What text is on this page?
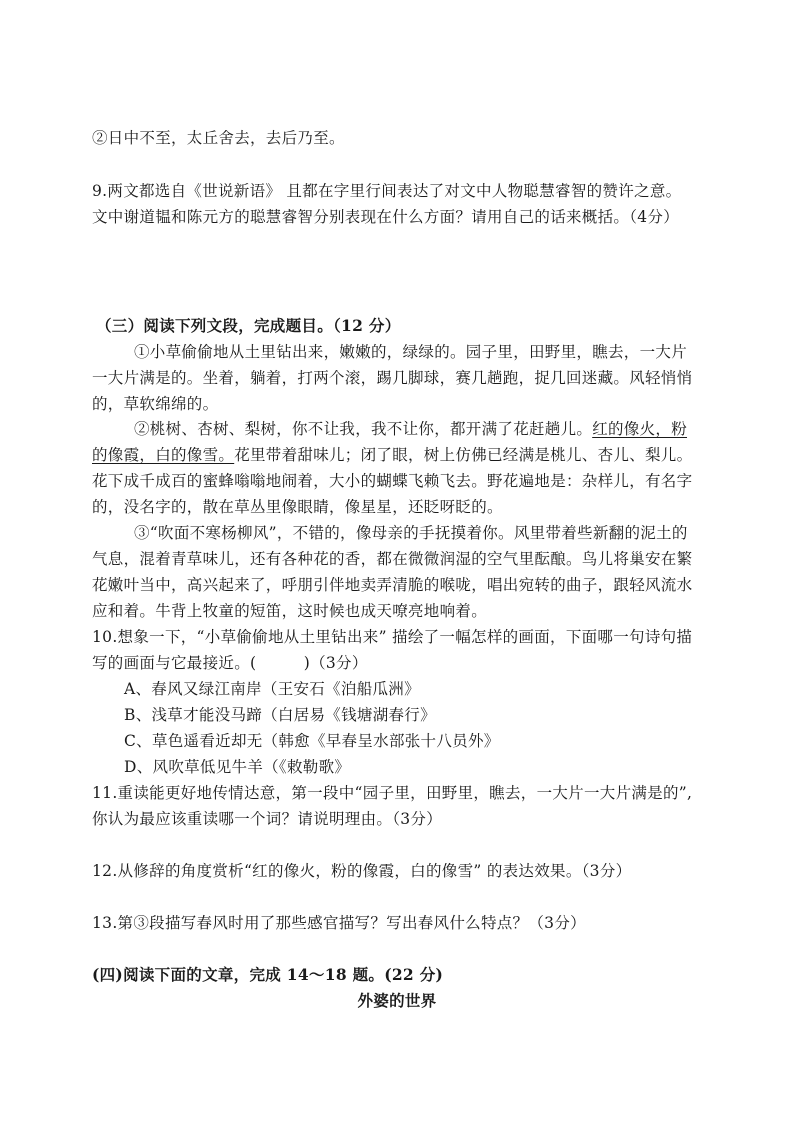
②日中不至，太丘舍去，去后乃至。
9.两文都选自《世说新语》 且都在字里行间表达了对文中人物聪慧睿智的赞许之意。
文中谢道韫和陈元方的聪慧睿智分别表现在什么方面？请用自己的话来概括。（4分）
（三）阅读下列文段，完成题目。（12 分）
①小草偷偷地从土里钻出来，嫩嫩的，绿绿的。园子里，田野里，瞧去，一大片
一大片满是的。坐着，躺着，打两个滚，踢几脚球，赛几趟跑，捉几回迷藏。风轻悄悄
的，草软绵绵的。
②桃树、杏树、梨树，你不让我，我不让你，都开满了花赶趟儿。红的像火，粉
的像霞，白的像雪。花里带着甜味儿；闭了眼，树上仿佛已经满是桃儿、杏儿、梨儿。
花下成千成百的蜜蜂嗡嗡地闹着，大小的蝴蝶飞赖飞去。野花遍地是：杂样儿，有名字
的，没名字的，散在草丛里像眼睛，像星星，还眨呀眨的。
③“吹面不寒杨柳风”，不错的，像母亲的手抚摸着你。风里带着些新翻的泥土的
气息，混着青草味儿，还有各种花的香，都在微微润湿的空气里酝酿。鸟儿将巢安在繁
花嫩叶当中，高兴起来了，呼朋引伴地卖弄清脆的喉咙，唱出宛转的曲子，跟轻风流水
应和着。牛背上牧童的短笛，这时候也成天嘹亮地响着。
10.想象一下，“小草偷偷地从土里钻出来” 描绘了一幅怎样的画面，下面哪一句诗句描
写的画面与它最接近。(　　　)（3分）
A、春风又绿江南岸（王安石《泊船瓜洲》
B、浅草才能没马蹄（白居易《钱塘湖春行》
C、草色遥看近却无（韩愈《早春呈水部张十八员外》
D、风吹草低见牛羊（《敕勒歌》
11.重读能更好地传情达意，第一段中“园子里，田野里，瞧去，一大片一大片满是的”,
你认为最应该重读哪一个词？请说明理由。（3分）
12.从修辞的角度赏析“红的像火，粉的像霞，白的像雪” 的表达效果。（3分）
13.第③段描写春风时用了那些感官描写？写出春风什么特点？（3分）
(四)阅读下面的文章，完成 14～18 题。(22 分)
外婆的世界
